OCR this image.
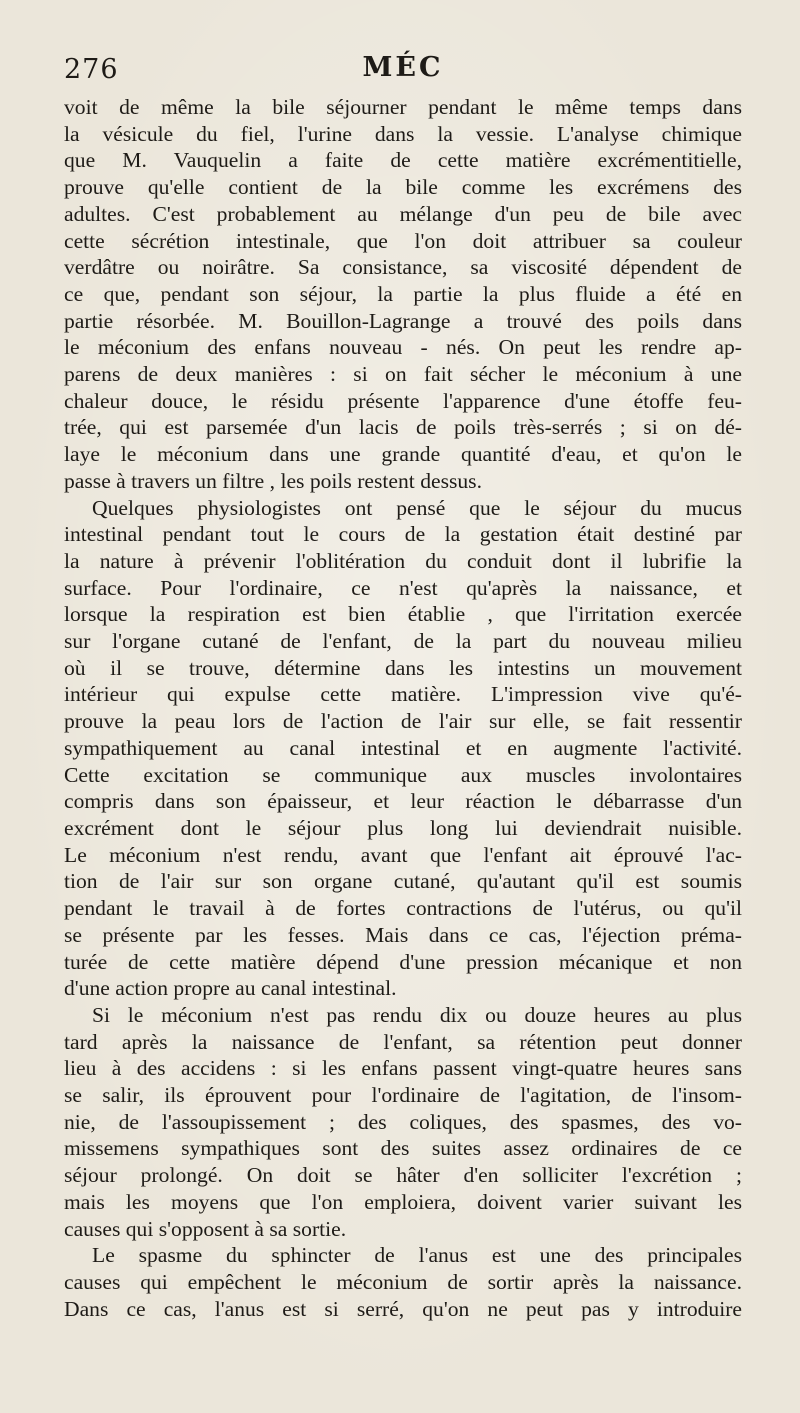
276	MÉC
voit de même la bile séjourner pendant le même temps dans
la vésicule du fiel, l'urine dans la vessie. L'analyse chimique
que M. Vauquelin a faite de cette matière excrémentitielle,
prouve qu'elle contient de la bile comme les excrémens des
adultes. C'est probablement au mélange d'un peu de bile avec
cette sécrétion intestinale, que l'on doit attribuer sa couleur
verdâtre ou noirâtre. Sa consistance, sa viscosité dépendent de
ce que, pendant son séjour, la partie la plus fluide a été en
partie résorbée. M. Bouillon-Lagrange a trouvé des poils dans
le méconium des enfans nouveau - nés. On peut les rendre ap-
parens de deux manières : si on fait sécher le méconium à une
chaleur douce, le résidu présente l'apparence d'une étoffe feu-
trée, qui est parsemée d'un lacis de poils très-serrés ; si on dé-
laye le méconium dans une grande quantité d'eau, et qu'on le
passe à travers un filtre , les poils restent dessus.
Quelques physiologistes ont pensé que le séjour du mucus
intestinal pendant tout le cours de la gestation était destiné par
la nature à prévenir l'oblitération du conduit dont il lubrifie la
surface. Pour l'ordinaire, ce n'est qu'après la naissance, et
lorsque la respiration est bien établie , que l'irritation exercée
sur l'organe cutané de l'enfant, de la part du nouveau milieu
où il se trouve, détermine dans les intestins un mouvement
intérieur qui expulse cette matière. L'impression vive qu'é-
prouve la peau lors de l'action de l'air sur elle, se fait ressentir
sympathiquement au canal intestinal et en augmente l'activité.
Cette excitation se communique aux muscles involontaires
compris dans son épaisseur, et leur réaction le débarrasse d'un
excrément dont le séjour plus long lui deviendrait nuisible.
Le méconium n'est rendu, avant que l'enfant ait éprouvé l'ac-
tion de l'air sur son organe cutané, qu'autant qu'il est soumis
pendant le travail à de fortes contractions de l'utérus, ou qu'il
se présente par les fesses. Mais dans ce cas, l'éjection préma-
turée de cette matière dépend d'une pression mécanique et non
d'une action propre au canal intestinal.
Si le méconium n'est pas rendu dix ou douze heures au plus
tard après la naissance de l'enfant, sa rétention peut donner
lieu à des accidens : si les enfans passent vingt-quatre heures sans
se salir, ils éprouvent pour l'ordinaire de l'agitation, de l'insom-
nie, de l'assoupissement ; des coliques, des spasmes, des vo-
missemens sympathiques sont des suites assez ordinaires de ce
séjour prolongé. On doit se hâter d'en solliciter l'excrétion ;
mais les moyens que l'on emploiera, doivent varier suivant les
causes qui s'opposent à sa sortie.
Le spasme du sphincter de l'anus est une des principales
causes qui empêchent le méconium de sortir après la naissance.
Dans ce cas, l'anus est si serré, qu'on ne peut pas y introduire
